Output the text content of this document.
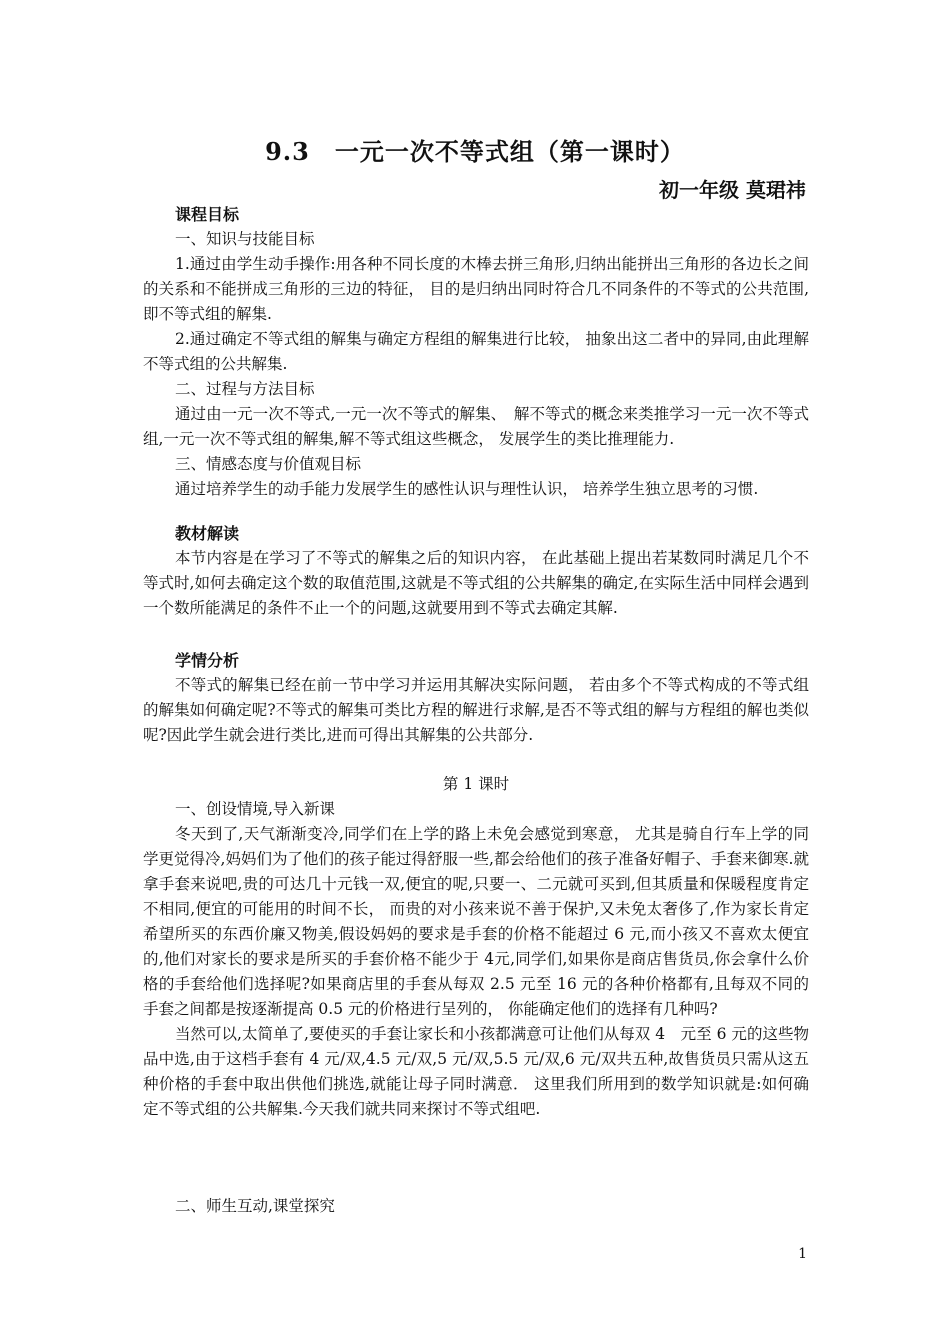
9.3　一元一次不等式组（第一课时）
初一年级 莫珺祎

课程目标

一、知识与技能目标

1.通过由学生动手操作:用各种不同长度的木棒去拼三角形,归纳出能拼出三角形的各边长之间的关系和不能拼成三角形的三边的特征， 目的是归纳出同时符合几不同条件的不等式的公共范围,即不等式组的解集.

2.通过确定不等式组的解集与确定方程组的解集进行比较， 抽象出这二者中的异同,由此理解不等式组的公共解集.

二、过程与方法目标

通过由一元一次不等式,一元一次不等式的解集、　解不等式的概念来类推学习一元一次不等式组,一元一次不等式组的解集,解不等式组这些概念， 发展学生的类比推理能力.

三、情感态度与价值观目标

通过培养学生的动手能力发展学生的感性认识与理性认识， 培养学生独立思考的习惯.

教材解读

本节内容是在学习了不等式的解集之后的知识内容， 在此基础上提出若某数同时满足几个不等式时,如何去确定这个数的取值范围,这就是不等式组的公共解集的确定,在实际生活中同样会遇到一个数所能满足的条件不止一个的问题,这就要用到不等式去确定其解.

学情分析

不等式的解集已经在前一节中学习并运用其解决实际问题， 若由多个不等式构成的不等式组的解集如何确定呢?不等式的解集可类比方程的解进行求解,是否不等式组的解与方程组的解也类似呢?因此学生就会进行类比,进而可得出其解集的公共部分.

第 1 课时

一、创设情境,导入新课

冬天到了,天气渐渐变冷,同学们在上学的路上未免会感觉到寒意， 尤其是骑自行车上学的同学更觉得冷,妈妈们为了他们的孩子能过得舒服一些,都会给他们的孩子准备好帽子、手套来御寒.就拿手套来说吧,贵的可达几十元钱一双,便宜的呢,只要一、二元就可买到,但其质量和保暖程度肯定不相同,便宜的可能用的时间不长， 而贵的对小孩来说不善于保护,又未免太奢侈了,作为家长肯定希望所买的东西价廉又物美,假设妈妈的要求是手套的价格不能超过 6 元,而小孩又不喜欢太便宜的,他们对家长的要求是所买的手套价格不能少于 4元,同学们,如果你是商店售货员,你会拿什么价格的手套给他们选择呢?如果商店里的手套从每双 2.5 元至 16 元的各种价格都有,且每双不同的手套之间都是按逐渐提高 0.5 元的价格进行呈列的， 你能确定他们的选择有几种吗?

当然可以,太简单了,要使买的手套让家长和小孩都满意可让他们从每双 4　元至 6 元的这些物品中选,由于这档手套有 4 元/双,4.5 元/双,5 元/双,5.5 元/双,6 元/双共五种,故售货员只需从这五种价格的手套中取出供他们挑选,就能让母子同时满意． 这里我们所用到的数学知识就是:如何确定不等式组的公共解集.今天我们就共同来探讨不等式组吧.

二、师生互动,课堂探究

1
